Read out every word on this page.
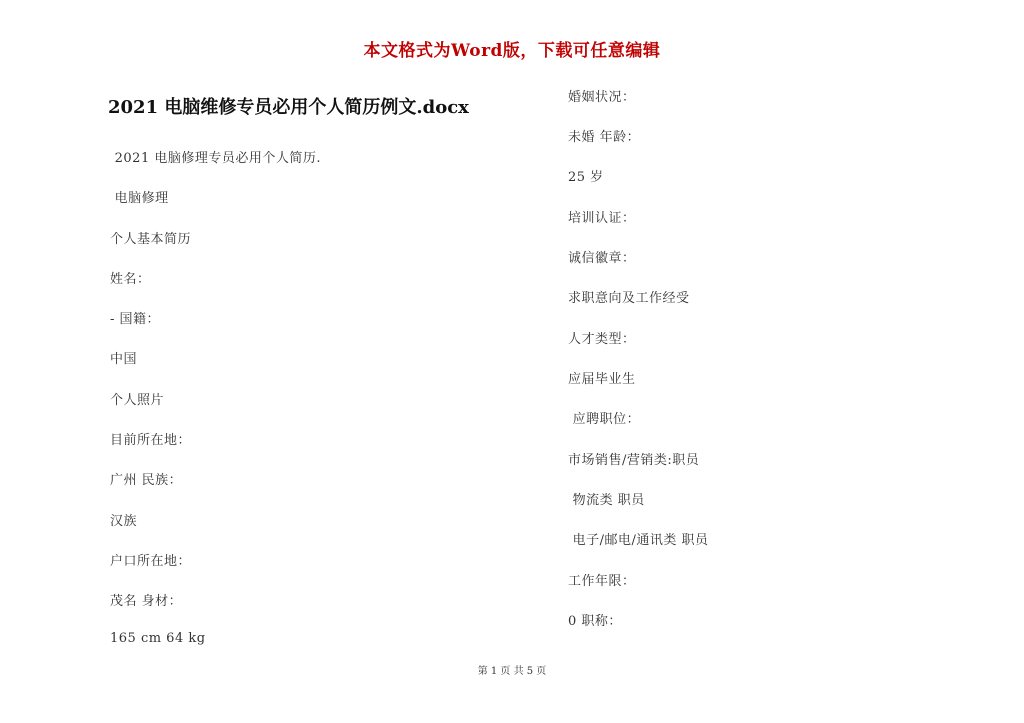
本文格式为Word版，下载可任意编辑
2021 电脑维修专员必用个人简历例文.docx
2021 电脑修理专员必用个人简历.
电脑修理
个人基本简历
姓名：
- 国籍：
中国
个人照片
目前所在地：
广州 民族：
汉族
户口所在地：
茂名 身材：
165 cm 64 kg
婚姻状况：
未婚 年龄：
25 岁
培训认证：
诚信徽章：
求职意向及工作经受
人才类型：
应届毕业生
应聘职位：
市场销售/营销类:职员
物流类 职员
电子/邮电/通讯类 职员
工作年限：
0 职称：
第 1 页 共 5 页
